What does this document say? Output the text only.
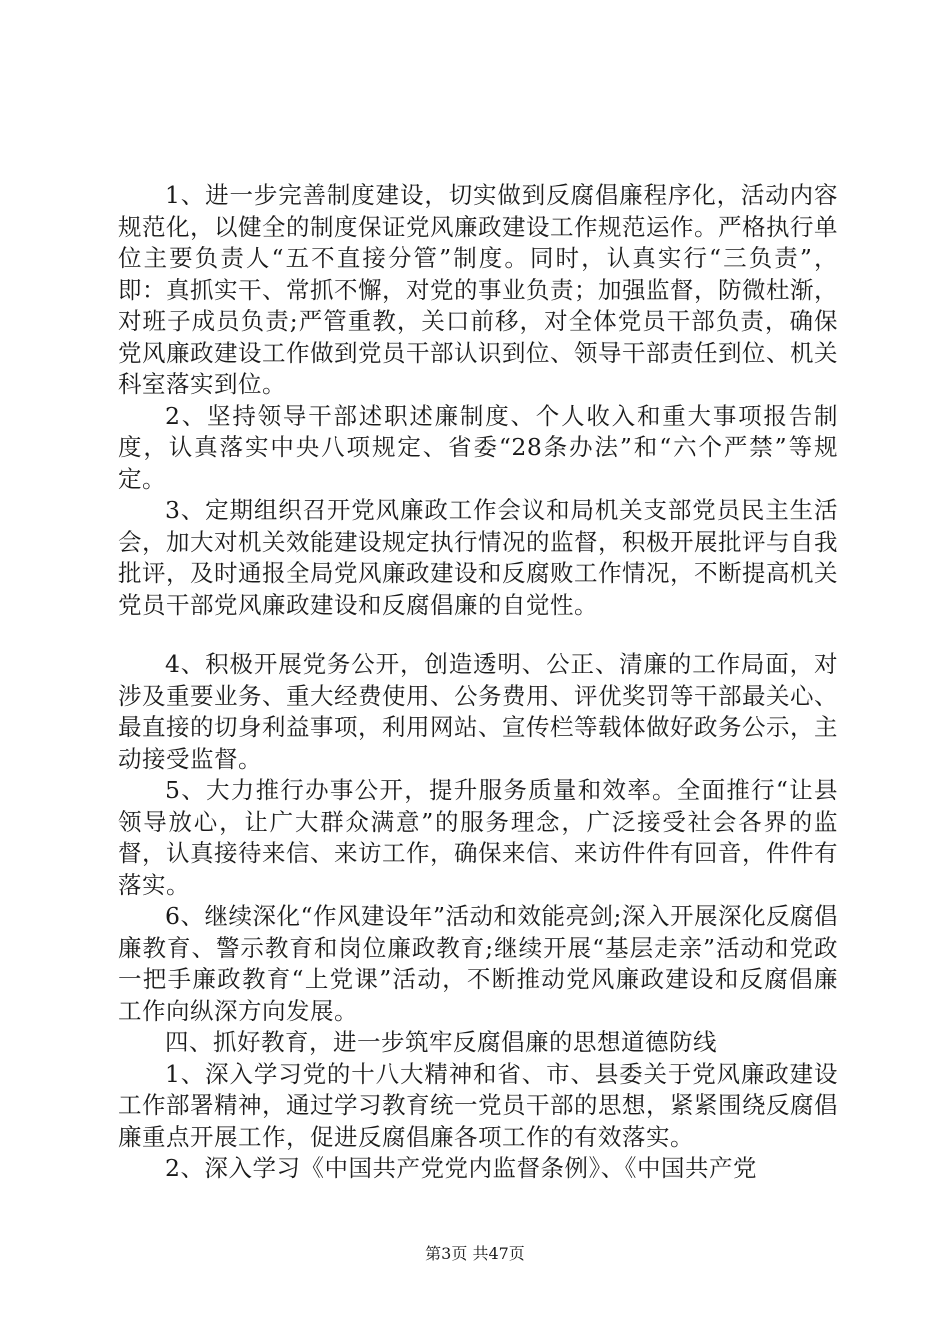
1、进一步完善制度建设，切实做到反腐倡廉程序化，活动内容规范化，以健全的制度保证党风廉政建设工作规范运作。严格执行单位主要负责人“五不直接分管”制度。同时，认真实行“三负责”，即：真抓实干、常抓不懈，对党的事业负责；加强监督，防微杜渐，对班子成员负责;严管重教，关口前移，对全体党员干部负责，确保党风廉政建设工作做到党员干部认识到位、领导干部责任到位、机关科室落实到位。

2、坚持领导干部述职述廉制度、个人收入和重大事项报告制度，认真落实中央八项规定、省委“28条办法”和“六个严禁”等规定。

3、定期组织召开党风廉政工作会议和局机关支部党员民主生活会，加大对机关效能建设规定执行情况的监督，积极开展批评与自我批评，及时通报全局党风廉政建设和反腐败工作情况，不断提高机关党员干部党风廉政建设和反腐倡廉的自觉性。

4、积极开展党务公开，创造透明、公正、清廉的工作局面，对涉及重要业务、重大经费使用、公务费用、评优奖罚等干部最关心、最直接的切身利益事项，利用网站、宣传栏等载体做好政务公示，主动接受监督。

5、大力推行办事公开，提升服务质量和效率。全面推行“让县领导放心，让广大群众满意”的服务理念，广泛接受社会各界的监督，认真接待来信、来访工作，确保来信、来访件件有回音，件件有落实。

6、继续深化“作风建设年”活动和效能亮剑;深入开展深化反腐倡廉教育、警示教育和岗位廉政教育;继续开展“基层走亲”活动和党政一把手廉政教育“上党课”活动，不断推动党风廉政建设和反腐倡廉工作向纵深方向发展。

四、抓好教育，进一步筑牢反腐倡廉的思想道德防线

1、深入学习党的十八大精神和省、市、县委关于党风廉政建设工作部署精神，通过学习教育统一党员干部的思想，紧紧围绕反腐倡廉重点开展工作，促进反腐倡廉各项工作的有效落实。

2、深入学习《中国共产党党内监督条例》、《中国共产党

第3页 共47页
